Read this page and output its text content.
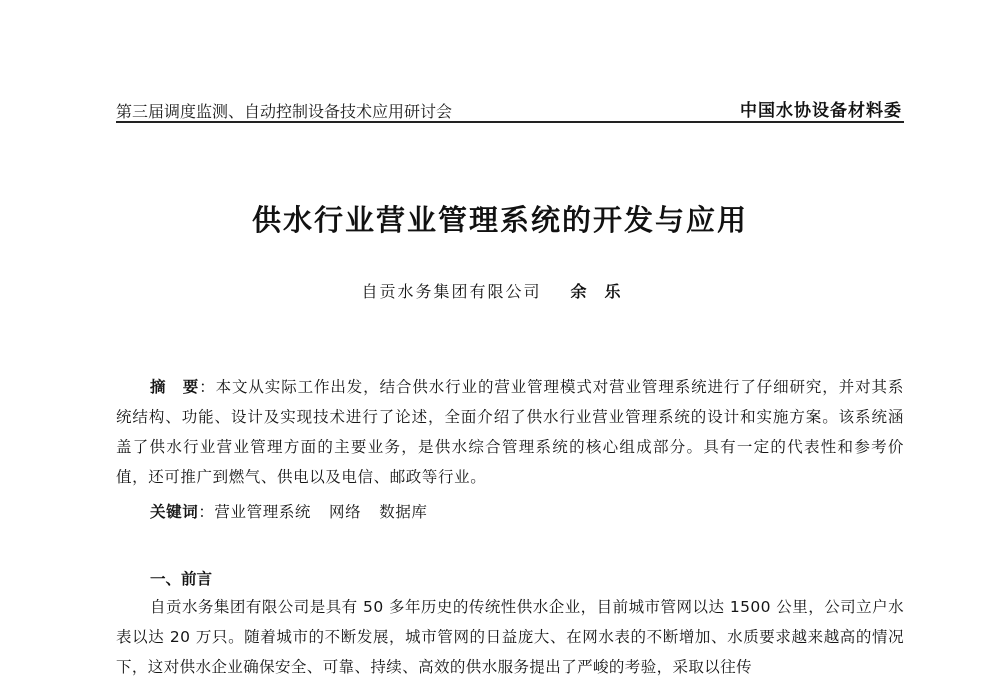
第三届调度监测、自动控制设备技术应用研讨会	中国水协设备材料委
供水行业营业管理系统的开发与应用
自贡水务集团有限公司 余乐
摘　要：本文从实际工作出发，结合供水行业的营业管理模式对营业管理系统进行了仔细研究，并对其系统结构、功能、设计及实现技术进行了论述，全面介绍了供水行业营业管理系统的设计和实施方案。该系统涵盖了供水行业营业管理方面的主要业务，是供水综合管理系统的核心组成部分。具有一定的代表性和参考价值，还可推广到燃气、供电以及电信、邮政等行业。
关键词：营业管理系统 网络 数据库
一、前言
自贡水务集团有限公司是具有 50 多年历史的传统性供水企业，目前城市管网以达 1500 公里，公司立户水表以达 20 万只。随着城市的不断发展，城市管网的日益庞大、在网水表的不断增加、水质要求越来越高的情况下，这对供水企业确保安全、可靠、持续、高效的供水服务提出了严峻的考验，采取以往传
